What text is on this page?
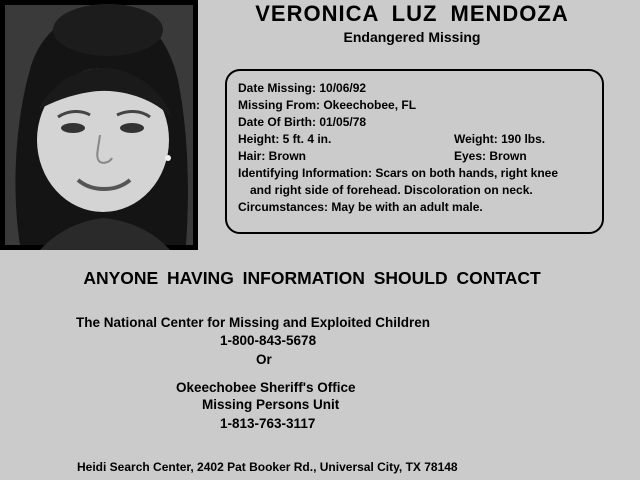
VERONICA LUZ MENDOZA
Endangered Missing
Date Missing: 10/06/92
Missing From: Okeechobee, FL
Date Of Birth: 01/05/78
Height: 5 ft. 4 in.	Weight: 190 lbs.
Hair: Brown	Eyes: Brown
Identifying Information: Scars on both hands, right knee
and right side of forehead. Discoloration on neck.
Circumstances: May be with an adult male.
ANYONE HAVING INFORMATION SHOULD CONTACT
The National Center for Missing and Exploited Children
1-800-843-5678
Or
Okeechobee Sheriff's Office
Missing Persons Unit
1-813-763-3117
Heidi Search Center, 2402 Pat Booker Rd., Universal City, TX 78148
